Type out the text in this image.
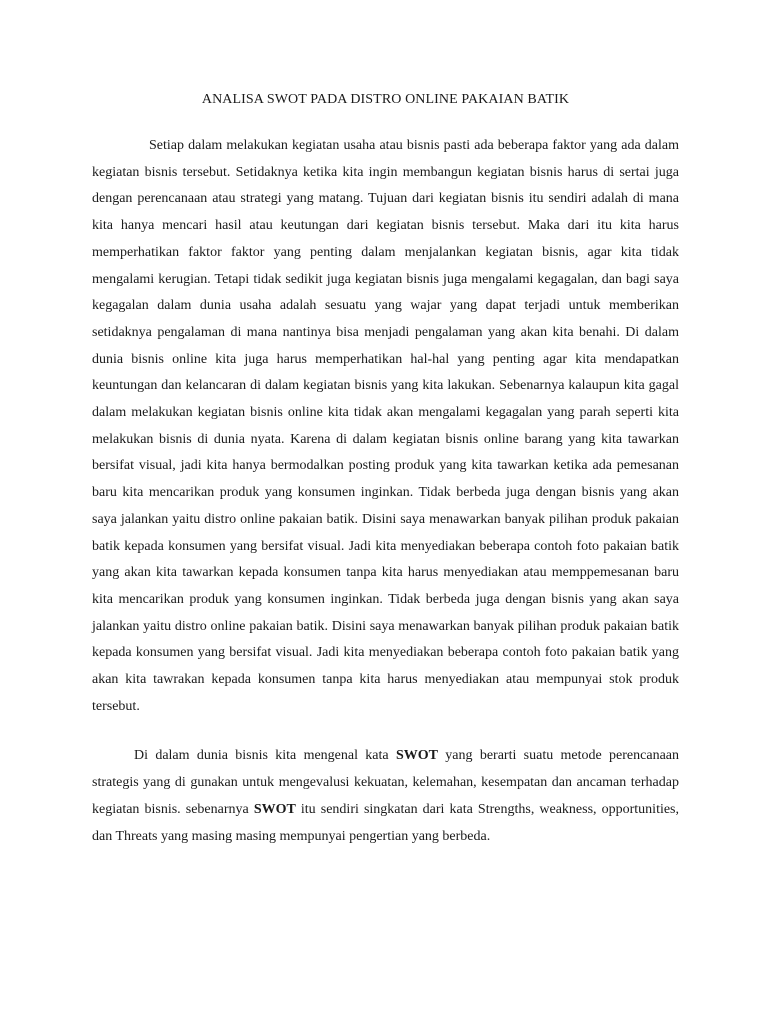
ANALISA SWOT PADA DISTRO ONLINE PAKAIAN BATIK

Setiap dalam melakukan kegiatan usaha atau bisnis pasti ada beberapa faktor yang ada dalam kegiatan bisnis tersebut. Setidaknya ketika kita ingin membangun kegiatan bisnis harus di sertai juga dengan perencanaan atau strategi yang matang. Tujuan dari kegiatan bisnis itu sendiri adalah di mana kita hanya mencari hasil atau keutungan dari kegiatan bisnis tersebut. Maka dari itu kita harus memperhatikan faktor faktor yang penting dalam menjalankan kegiatan bisnis, agar kita tidak mengalami kerugian. Tetapi tidak sedikit juga kegiatan bisnis juga mengalami kegagalan, dan bagi saya kegagalan dalam dunia usaha adalah sesuatu yang wajar yang dapat terjadi untuk memberikan setidaknya pengalaman di mana nantinya bisa menjadi pengalaman yang akan kita benahi. Di dalam dunia bisnis online kita juga harus memperhatikan hal-hal yang penting agar kita mendapatkan keuntungan dan kelancaran di dalam kegiatan bisnis yang kita lakukan. Sebenarnya kalaupun kita gagal dalam melakukan kegiatan bisnis online kita tidak akan mengalami kegagalan yang parah seperti kita melakukan bisnis di dunia nyata. Karena di dalam kegiatan bisnis online barang yang kita tawarkan bersifat visual, jadi kita hanya bermodalkan posting produk yang kita tawarkan ketika ada pemesanan baru kita mencarikan produk yang konsumen inginkan. Tidak berbeda juga dengan bisnis yang akan saya jalankan yaitu distro online pakaian batik. Disini saya menawarkan banyak pilihan produk pakaian batik kepada konsumen yang bersifat visual. Jadi kita menyediakan beberapa contoh foto pakaian batik yang akan kita tawarkan kepada konsumen tanpa kita harus menyediakan atau memppemesanan baru kita mencarikan produk yang konsumen inginkan. Tidak berbeda juga dengan bisnis yang akan saya jalankan yaitu distro online pakaian batik. Disini saya menawarkan banyak pilihan produk pakaian batik kepada konsumen yang bersifat visual. Jadi kita menyediakan beberapa contoh foto pakaian batik yang akan kita tawrakan kepada konsumen tanpa kita harus menyediakan atau mempunyai stok produk tersebut.

Di dalam dunia bisnis kita mengenal kata SWOT yang berarti suatu metode perencanaan strategis yang di gunakan untuk mengevalusi kekuatan, kelemahan, kesempatan dan ancaman terhadap kegiatan bisnis. sebenarnya SWOT itu sendiri singkatan dari kata Strengths, weakness, opportunities, dan Threats yang masing masing mempunyai pengertian yang berbeda.
